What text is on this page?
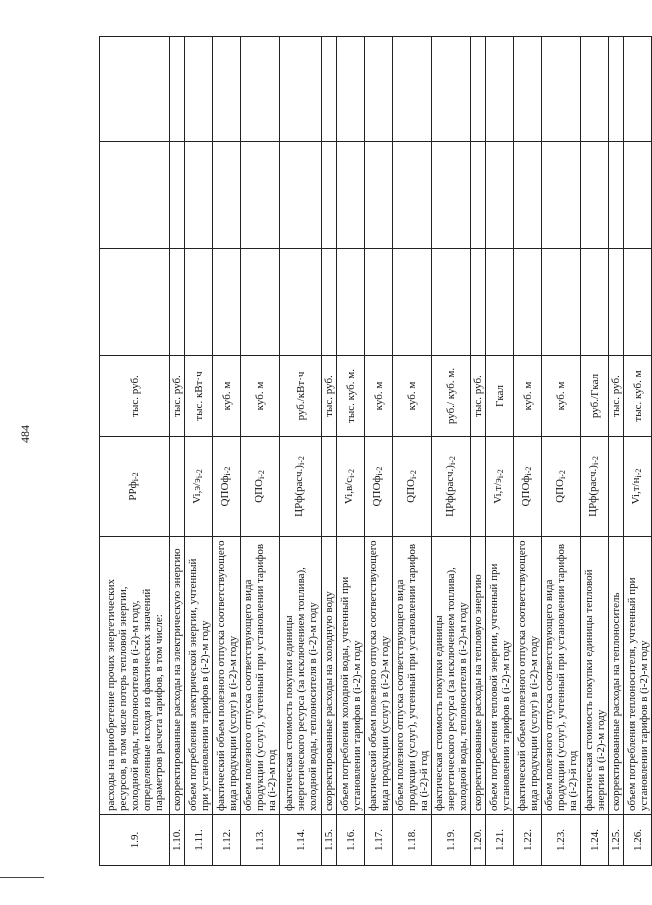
484
1.9.	расходы на приобретение прочих энергетических ресурсов, в том числе потерь тепловой энергии, холодной воды, теплоносителя в (i-2)-м году, определенные исходя из фактических значений параметров расчета тарифов, в том числе:	РРф$_{i-2}$	тыс. руб.			
1.10.	скорректированные расходы на электрическую энергию		тыс. руб.			
1.11.	объем потребления электрической энергии, учтенный при установлении тарифов в (i-2)-м году	$Vi,э/э_{i-2}$	тыс. кВт·ч			
1.12.	фактический объем полезного отпуска соответствующего вида продукции (услуг) в (i-2)-м году	QПОф$_{i-2}$	куб. м			
1.13.	объем полезного отпуска соответствующего вида продукции (услуг), учтенный при установлении тарифов на (i-2)-м год	$QПО_{i-2}$	куб. м			
1.14.	фактическая стоимость покупки единицы энергетического ресурса (за исключением топлива), холодной воды, теплоносителя в (i-2)-м году	$ЦРф(расч.)_{i-2}$	руб./кВт·ч			
1.15.	скорректированные расходы на холодную воду		тыс. руб.			
1.16.	объем потребления холодной воды, учтенный при установлении тарифов в (i-2)-м году	$Vi,в/с_{i-2}$	тыс. куб. м.			
1.17.	фактический объем полезного отпуска соответствующего вида продукции (услуг) в (i-2)-м году	QПОф$_{i-2}$	куб. м			
1.18.	объем полезного отпуска соответствующего вида продукции (услуг), учтенный при установлении тарифов на (i-2)-й год	$QПО_{i-2}$	куб. м			
1.19.	фактическая стоимость покупки единицы энергетического ресурса (за исключением топлива), холодной воды, теплоносителя в (i-2)-м году	$ЦРф(расч.)_{i-2}$	руб./ куб. м.			
1.20.	скорректированные расходы на тепловую энергию		тыс. руб.			
1.21.	объем потребления тепловой энергии, учтенный при установлении тарифов в (i-2)-м году	$Vi,т/э_{i-2}$	Гкал			
1.22.	фактический объем полезного отпуска соответствующего вида продукции (услуг) в (i-2)-м году	QПОф$_{i-2}$	куб. м			
1.23.	объем полезного отпуска соответствующего вида продукции (услуг), учтенный при установлении тарифов на (i-2)-й год	$QПО_{i-2}$	куб. м			
1.24.	фактическая стоимость покупки единицы тепловой энергии в (i-2)-м году	$ЦРф(расч.)_{i-2}$	руб./Гкал			
1.25.	скорректированные расходы на теплоноситель		тыс. руб.			
1.26.	объем потребления теплоносителя, учтенный при установлении тарифов в (i-2)-м году	$Vi,т/н_{i-2}$	тыс. куб. м			
